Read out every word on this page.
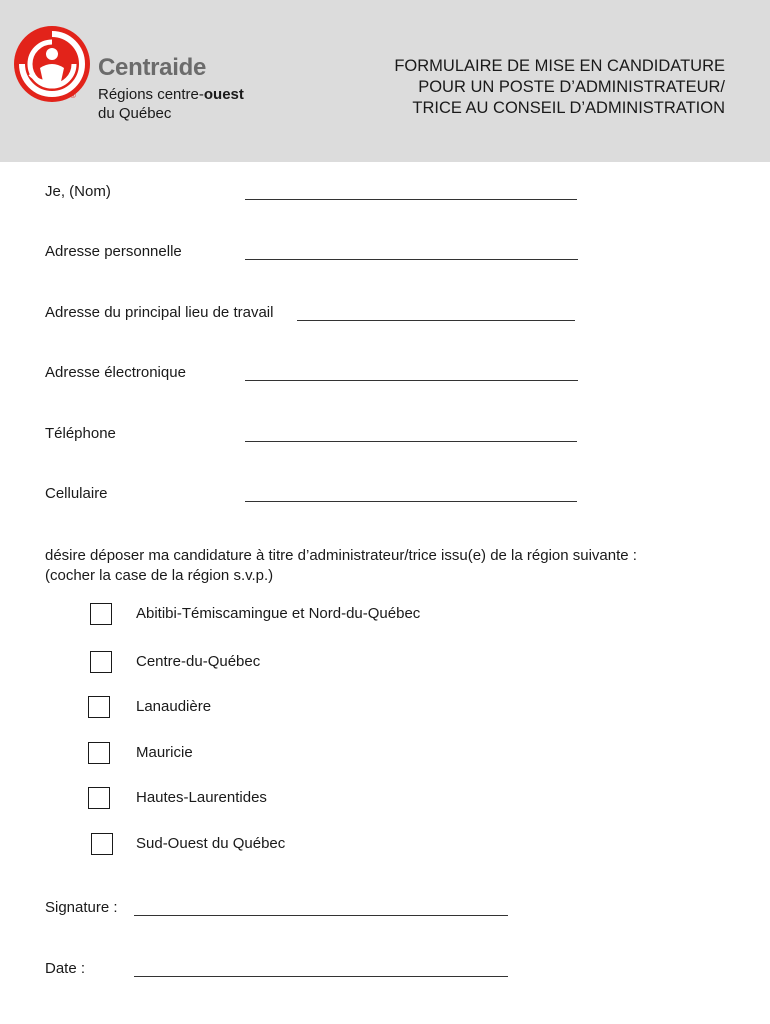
®
Centraide
Régions centre-ouest
du Québec
FORMULAIRE DE MISE EN CANDIDATURE
POUR UN POSTE D’ADMINISTRATEUR/
TRICE AU CONSEIL D’ADMINISTRATION
Je, (Nom)
Adresse personnelle
Adresse du principal lieu de travail
Adresse électronique
Téléphone
Cellulaire
désire déposer ma candidature à titre d’administrateur/trice issu(e) de la région suivante :
(cocher la case de la région s.v.p.)
Abitibi-Témiscamingue et Nord-du-Québec
Centre-du-Québec
Lanaudière
Mauricie
Hautes-Laurentides
Sud-Ouest du Québec
Signature :
Date :
